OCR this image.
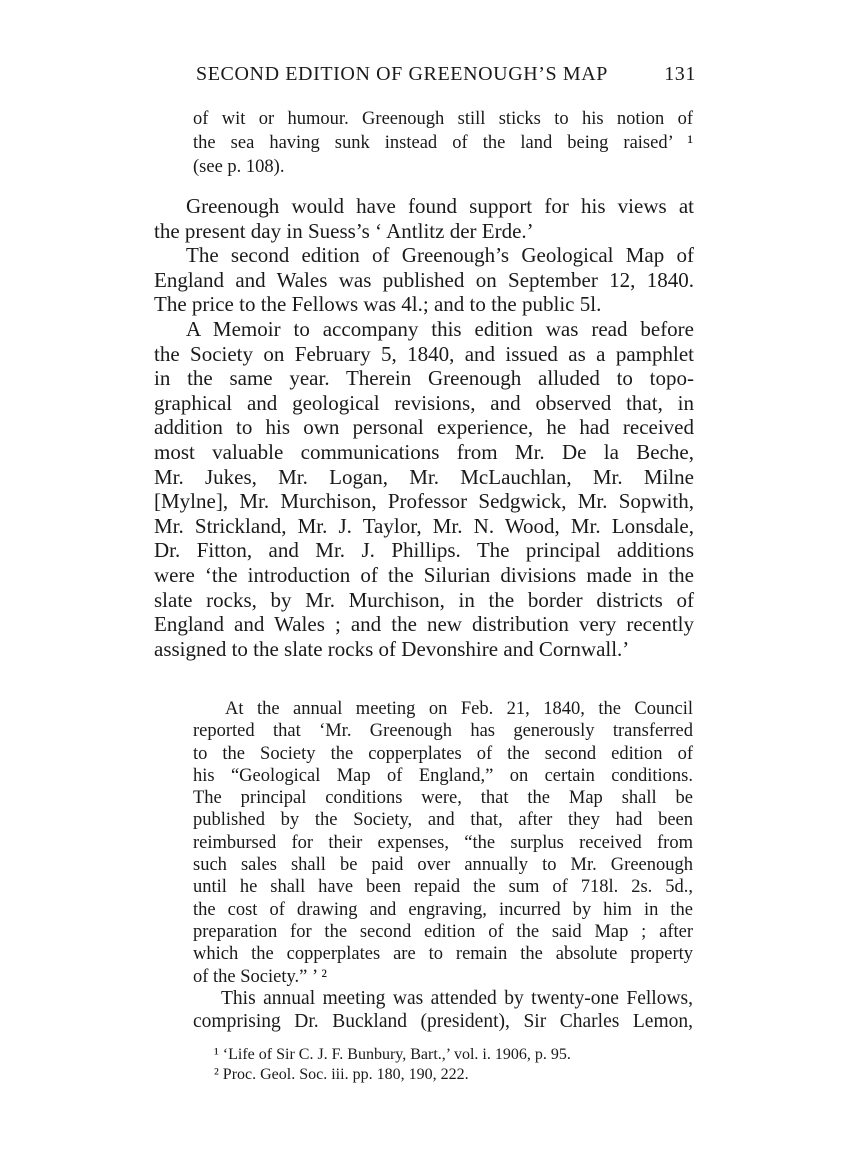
SECOND EDITION OF GREENOUGH’S MAP	131
of wit or humour. Greenough still sticks to his notion of
the sea having sunk instead of the land being raised’ ¹
(see p. 108).
Greenough would have found support for his views at
the present day in Suess’s ‘ Antlitz der Erde.’
The second edition of Greenough’s Geological Map of
England and Wales was published on September 12, 1840.
The price to the Fellows was 4l.; and to the public 5l.
A Memoir to accompany this edition was read before
the Society on February 5, 1840, and issued as a pamphlet
in the same year. Therein Greenough alluded to topo-
graphical and geological revisions, and observed that, in
addition to his own personal experience, he had received
most valuable communications from Mr. De la Beche,
Mr. Jukes, Mr. Logan, Mr. McLauchlan, Mr. Milne
[Mylne], Mr. Murchison, Professor Sedgwick, Mr. Sopwith,
Mr. Strickland, Mr. J. Taylor, Mr. N. Wood, Mr. Lonsdale,
Dr. Fitton, and Mr. J. Phillips. The principal additions
were ‘the introduction of the Silurian divisions made in the
slate rocks, by Mr. Murchison, in the border districts of
England and Wales ; and the new distribution very recently
assigned to the slate rocks of Devonshire and Cornwall.’
At the annual meeting on Feb. 21, 1840, the Council
reported that ‘Mr. Greenough has generously transferred
to the Society the copperplates of the second edition of
his “Geological Map of England,” on certain conditions.
The principal conditions were, that the Map shall be
published by the Society, and that, after they had been
reimbursed for their expenses, “the surplus received from
such sales shall be paid over annually to Mr. Greenough
until he shall have been repaid the sum of 718l. 2s. 5d.,
the cost of drawing and engraving, incurred by him in the
preparation for the second edition of the said Map ; after
which the copperplates are to remain the absolute property
of the Society.” ’ ²
This annual meeting was attended by twenty-one Fellows,
comprising Dr. Buckland (president), Sir Charles Lemon,
¹ ‘Life of Sir C. J. F. Bunbury, Bart.,’ vol. i. 1906, p. 95.
² Proc. Geol. Soc. iii. pp. 180, 190, 222.
